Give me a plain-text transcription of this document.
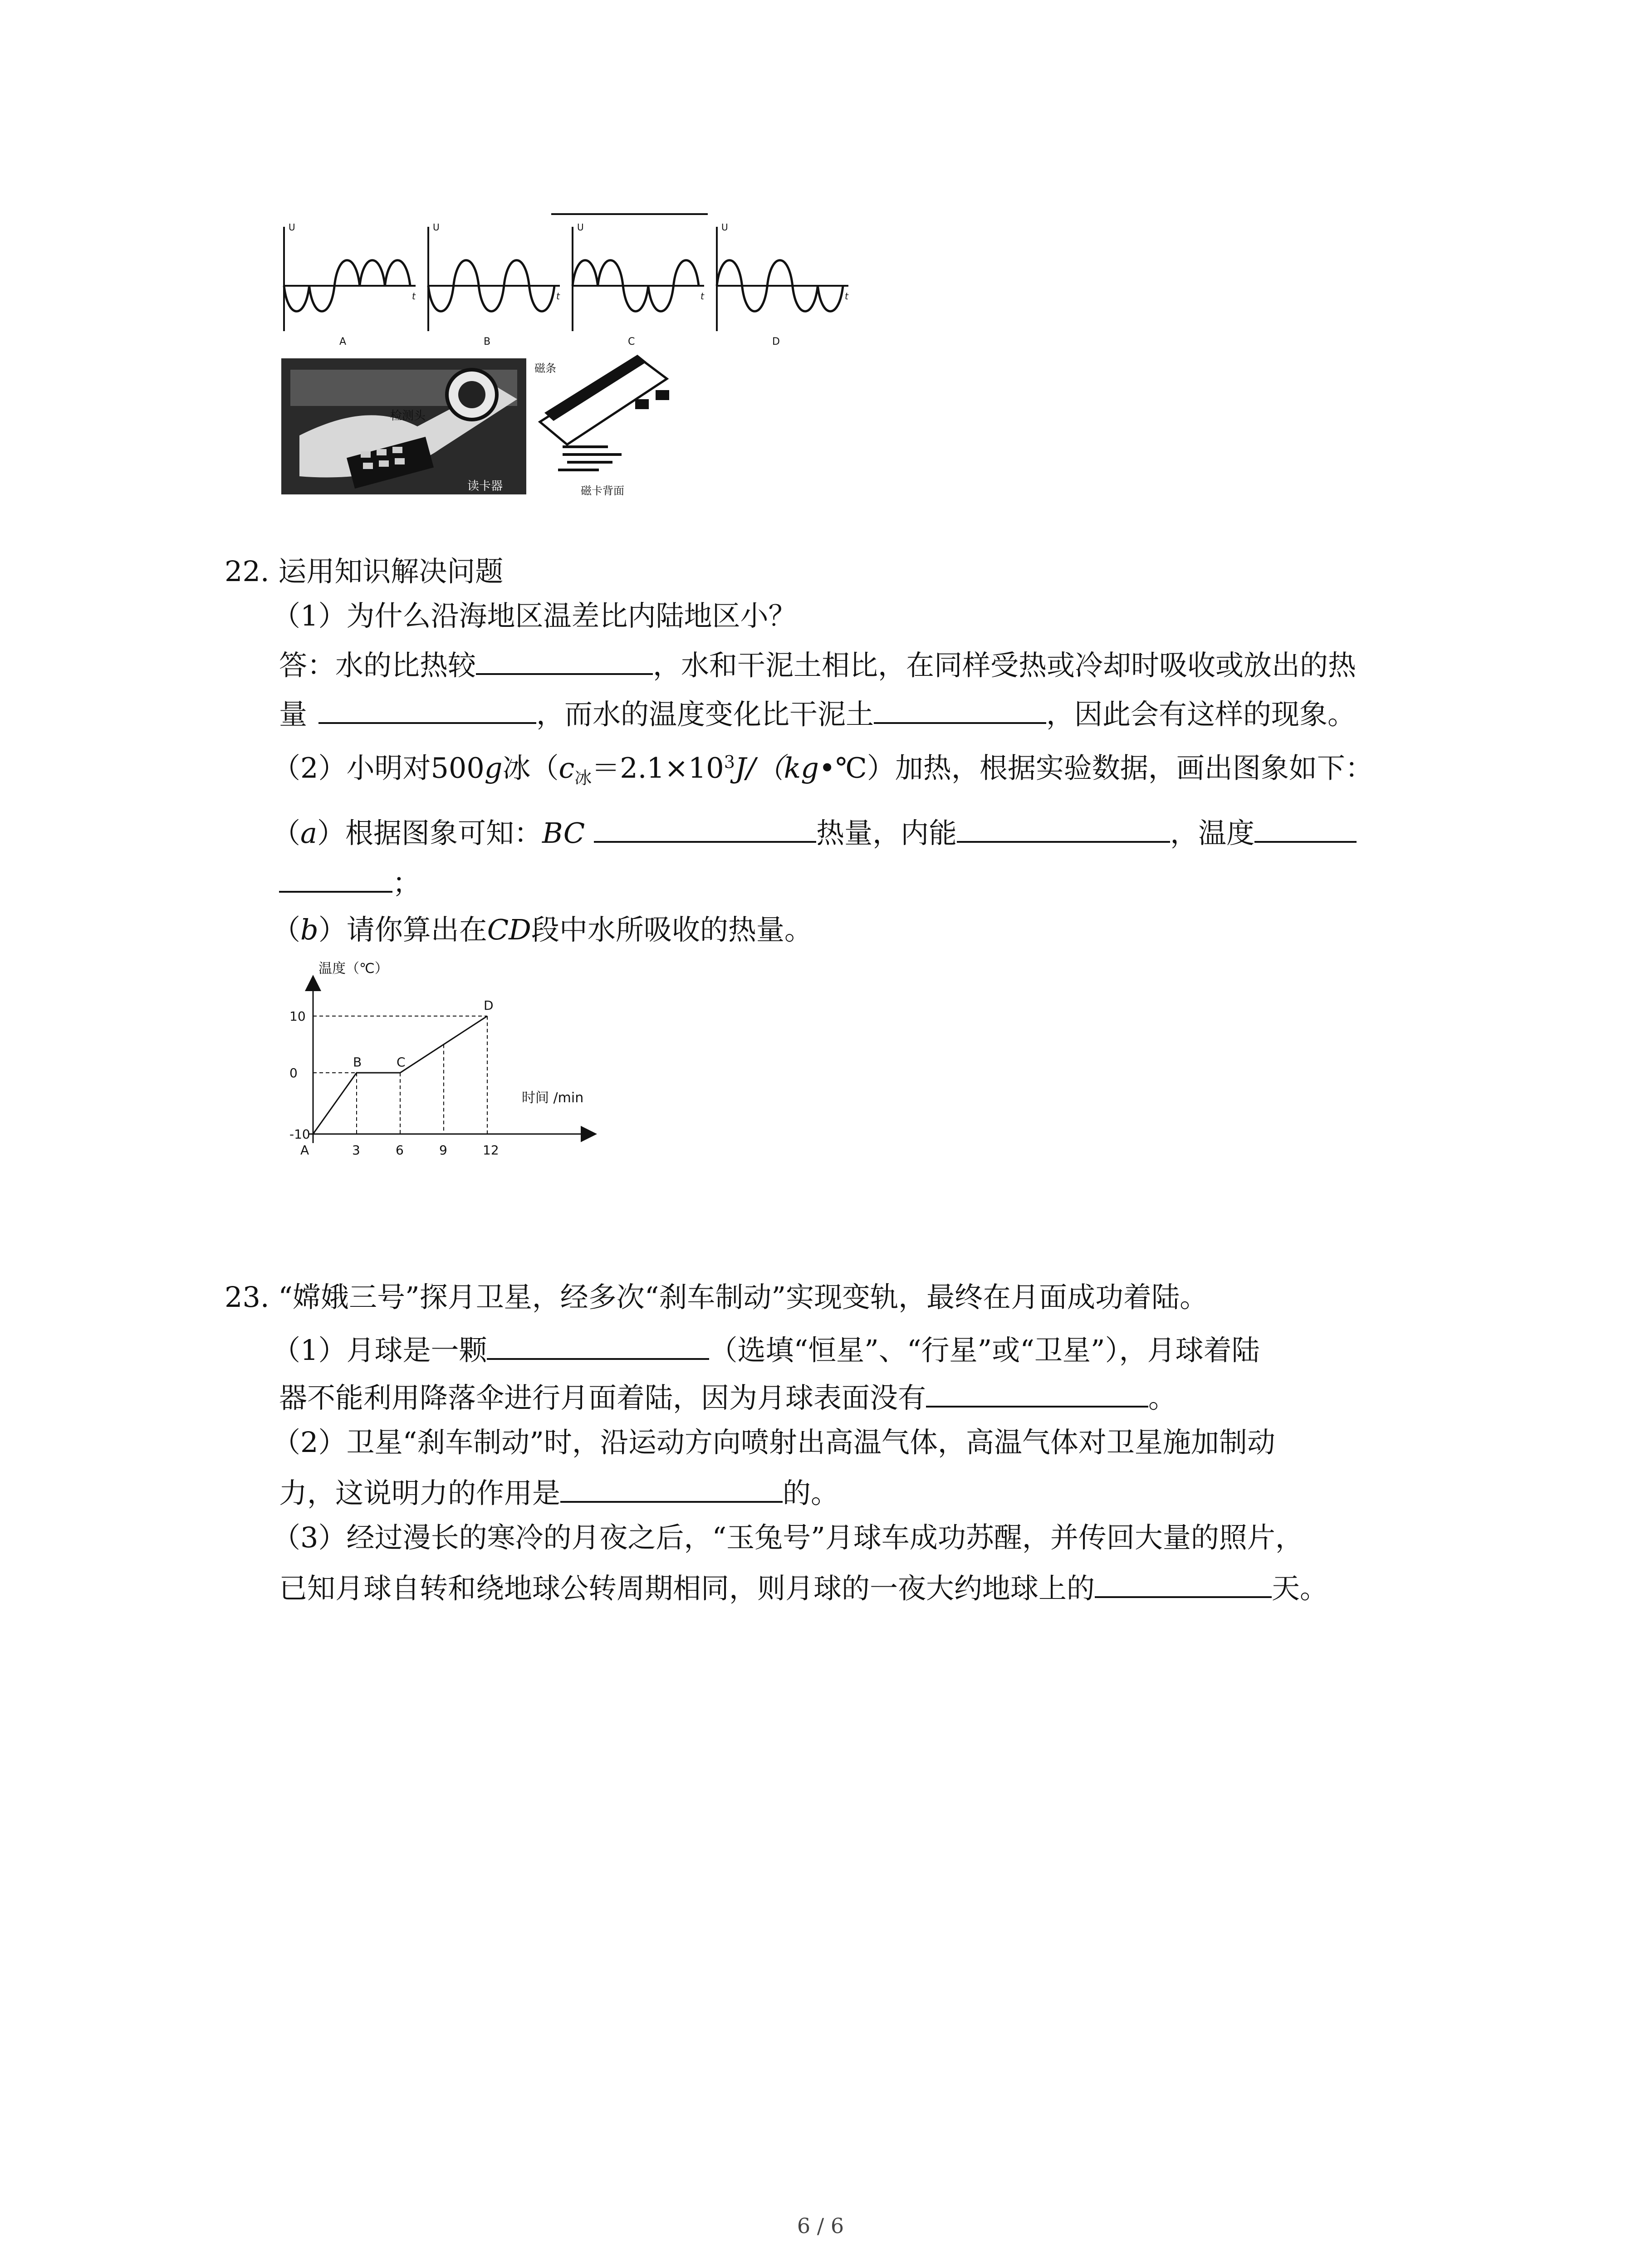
U
t
A
U
t
B
U
t
C
U
t
D
检测头
读卡器
磁条
磁卡背面
22. 运用知识解决问题
（1）为什么沿海地区温差比内陆地区小？
答：水的比热较	，水和干泥土相比，在同样受热或冷却时吸收或放出的热
量	，而水的温度变化比干泥土	，因此会有这样的现象。
（2）小明对500g冰（$c_冰=2.1\times 10^3J/(kg•℃)$加热，根据实验数据，画出图象如下：
（a）根据图象可知：BC	热量，内能	，温度
；
（b）请你算出在CD段中水所吸收的热量。
温度（℃）
时间 /min
10
0
-10
3	6	9	12
A
B	C
D
23. “嫦娥三号”探月卫星，经多次“刹车制动”实现变轨，最终在月面成功着陆。
（1）月球是一颗	（选填“恒星”、“行星”或“卫星”），月球着陆
器不能利用降落伞进行月面着陆，因为月球表面没有	。
（2）卫星“刹车制动”时，沿运动方向喷射出高温气体，高温气体对卫星施加制动
力，这说明力的作用是	的。
（3）经过漫长的寒冷的月夜之后，“玉兔号”月球车成功苏醒，并传回大量的照片，
已知月球自转和绕地球公转周期相同，则月球的一夜大约地球上的	天。
6 / 6
